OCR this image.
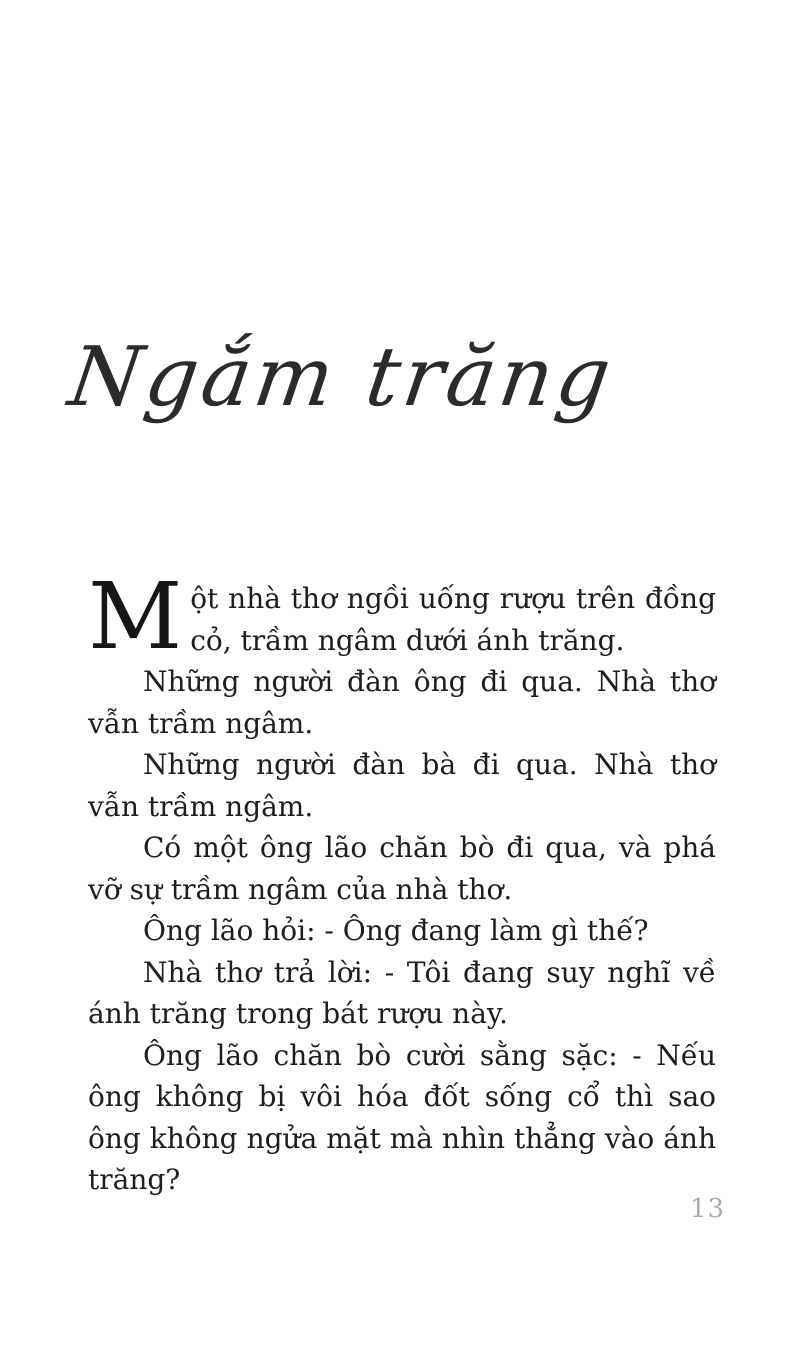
Ngắm trăng

Một nhà thơ ngồi uống rượu trên đồng cỏ, trầm ngâm dưới ánh trăng.

Những người đàn ông đi qua. Nhà thơ vẫn trầm ngâm.

Những người đàn bà đi qua. Nhà thơ vẫn trầm ngâm.

Có một ông lão chăn bò đi qua, và phá vỡ sự trầm ngâm của nhà thơ.

Ông lão hỏi: - Ông đang làm gì thế?

Nhà thơ trả lời: - Tôi đang suy nghĩ về ánh trăng trong bát rượu này.

Ông lão chăn bò cười sằng sặc: - Nếu ông không bị vôi hóa đốt sống cổ thì sao ông không ngửa mặt mà nhìn thẳng vào ánh trăng?

13
